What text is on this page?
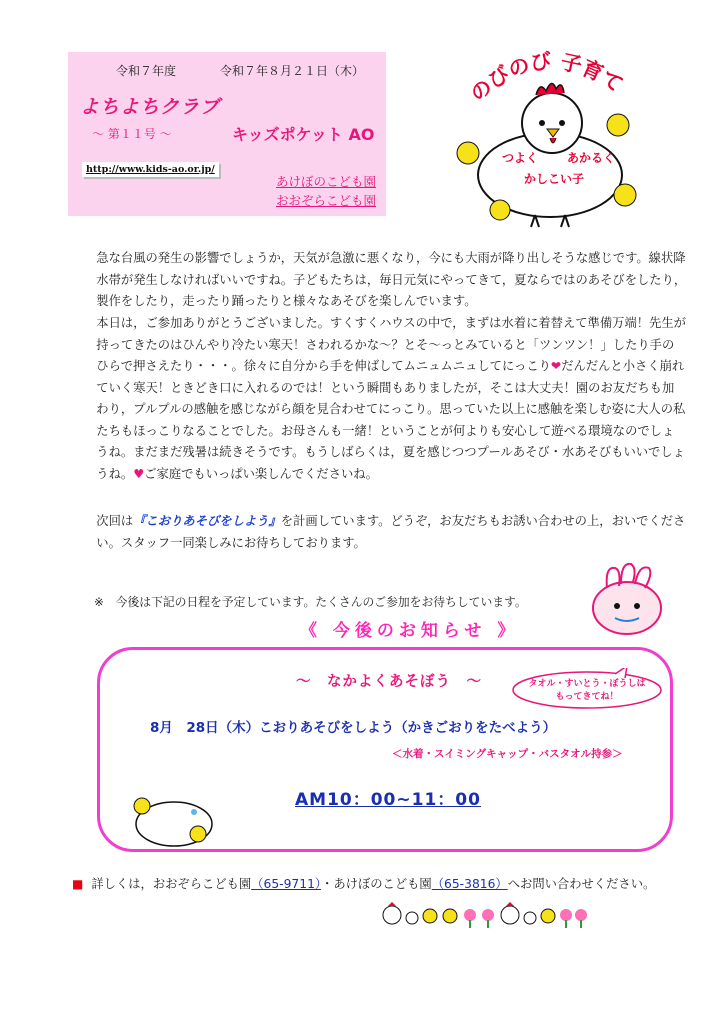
令和７年度	令和７年８月２１日（木）
よちよちクラブ
～ 第１１号 ～	キッズポケット AO
http://www.kids-ao.or.jp/
あけぼのこども園
おおぞらこども園
のびのび 子育て
つよく あかるく
かしこい子
急な台風の発生の影響でしょうか，天気が急激に悪くなり，今にも大雨が降り出しそうな感じです。線状降水帯が発生しなければいいですね。子どもたちは，毎日元気にやってきて，夏ならではのあそびをしたり，製作をしたり，走ったり踊ったりと様々なあそびを楽しんでいます。
本日は，ご参加ありがとうございました。すくすくハウスの中で，まずは水着に着替えて準備万端！先生が持ってきたのはひんやり冷たい寒天！さわれるかな～？とそ～っとみていると「ツンツン！」したり手のひらで押さえたり・・・。徐々に自分から手を伸ばしてムニュムニュしてにっこり❤だんだんと小さく崩れていく寒天！ときどき口に入れるのでは！という瞬間もありましたが，そこは大丈夫！園のお友だちも加わり，プルプルの感触を感じながら顔を見合わせてにっこり。思っていた以上に感触を楽しむ姿に大人の私たちもほっこりなることでした。お母さんも一緒！ということが何よりも安心して遊べる環境なのでしょうね。まだまだ残暑は続きそうです。もうしばらくは，夏を感じつつプールあそび・水あそびもいいでしょうね。♥ご家庭でもいっぱい楽しんでくださいね。
次回は『こおりあそびをしよう』を計画しています。どうぞ，お友だちもお誘い合わせの上，おいでください。スタッフ一同楽しみにお待ちしております。
※　今後は下記の日程を予定しています。たくさんのご参加をお待ちしています。
《 今後のお知らせ 》
～　なかよくあそぼう　～
8月　28日（木）こおりあそびをしよう（かきごおりをたべよう）
＜水着・スイミングキャップ・バスタオル持参＞
AM10：00~11：00
タオル・すいとう・ぼうしは
もってきてね！
■ 詳しくは，おおぞらこども園（65-9711）・あけぼのこども園（65-3816）へお問い合わせください。
